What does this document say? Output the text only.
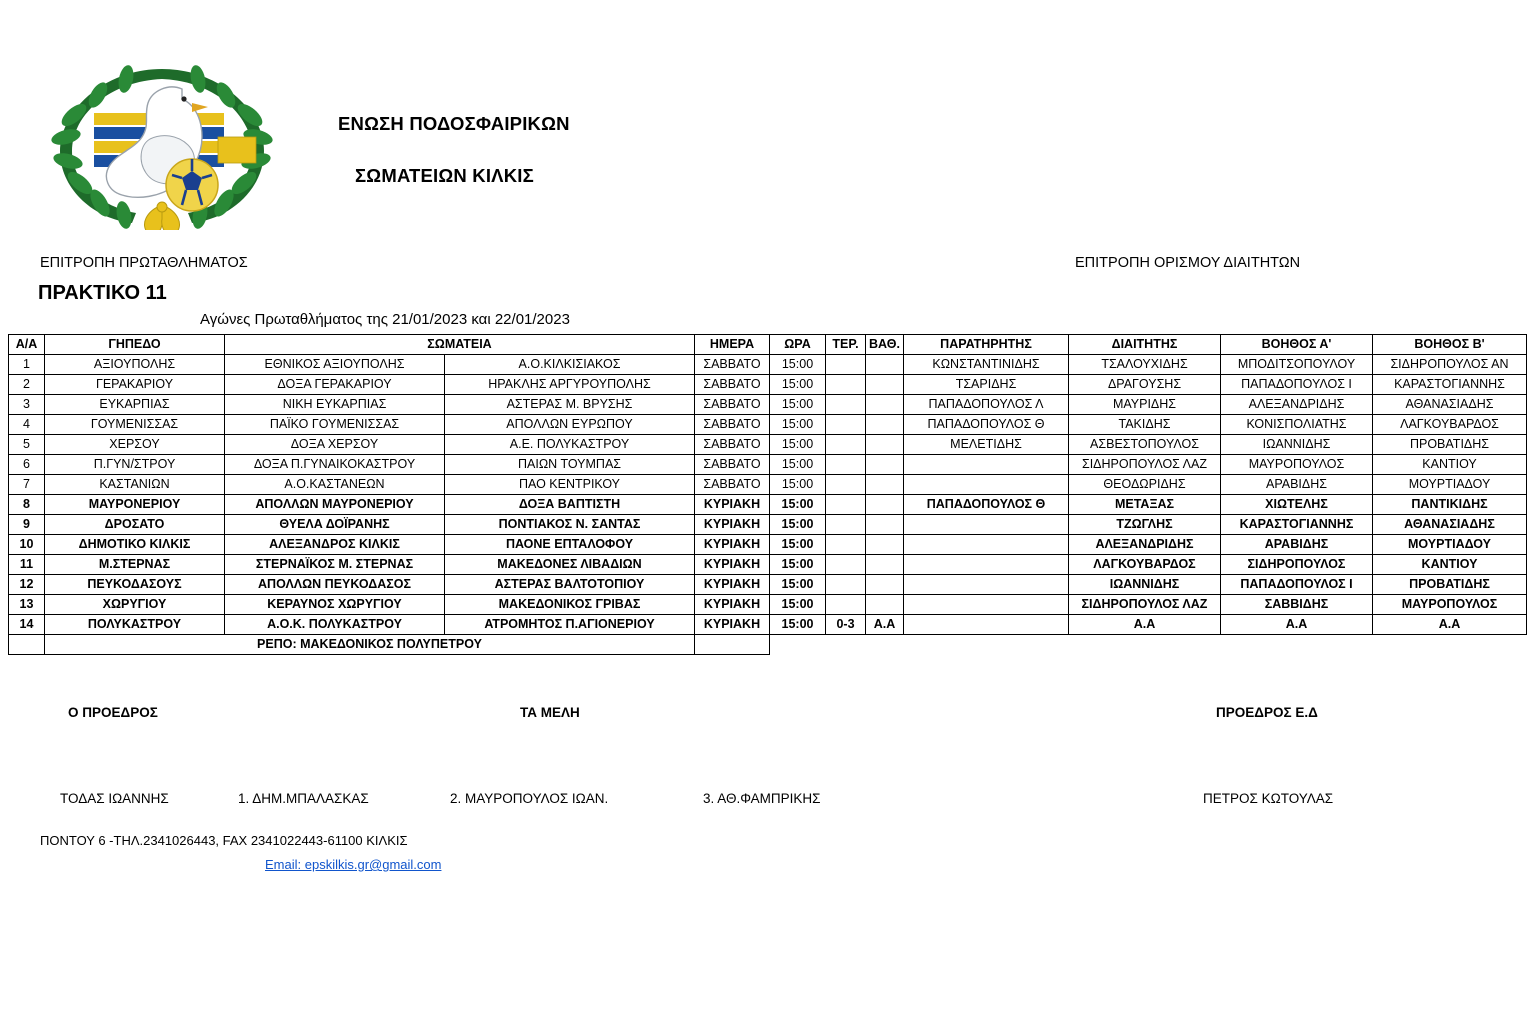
ΕΝΩΣΗ ΠΟΔΟΣΦΑΙΡΙΚΩΝ
ΣΩΜΑΤΕΙΩΝ ΚΙΛΚΙΣ
ΕΠΙΤΡΟΠΗ ΠΡΩΤΑΘΛΗΜΑΤΟΣ	ΕΠΙΤΡΟΠΗ ΟΡΙΣΜΟΥ ΔΙΑΙΤΗΤΩΝ
ΠΡΑΚΤΙΚΟ 11
Αγώνες Πρωταθλήματος της 21/01/2023 και 22/01/2023
Α/Α	ΓΗΠΕΔΟ	ΣΩΜΑΤΕΙΑ		ΗΜΕΡΑ	ΩΡΑ	ΤΕΡ.	ΒΑΘ.	ΠΑΡΑΤΗΡΗΤΗΣ	ΔΙΑΙΤΗΤΗΣ	ΒΟΗΘΟΣ Α'	ΒΟΗΘΟΣ Β'
1	ΑΞΙΟΥΠΟΛΗΣ	ΕΘΝΙΚΟΣ ΑΞΙΟΥΠΟΛΗΣ	Α.Ο.ΚΙΛΚΙΣΙΑΚΟΣ	ΣΑΒΒΑΤΟ	15:00			ΚΩΝΣΤΑΝΤΙΝΙΔΗΣ	ΤΣΑΛΟΥΧΙΔΗΣ	ΜΠΟΔΙΤΣΟΠΟΥΛΟΥ	ΣΙΔΗΡΟΠΟΥΛΟΣ ΑΝ
2	ΓΕΡΑΚΑΡΙΟΥ	ΔΟΞΑ ΓΕΡΑΚΑΡΙΟΥ	ΗΡΑΚΛΗΣ ΑΡΓΥΡΟΥΠΟΛΗΣ	ΣΑΒΒΑΤΟ	15:00			ΤΣΑΡΙΔΗΣ	ΔΡΑΓΟΥΣΗΣ	ΠΑΠΑΔΟΠΟΥΛΟΣ Ι	ΚΑΡΑΣΤΟΓΙΑΝΝΗΣ
3	ΕΥΚΑΡΠΙΑΣ	ΝΙΚΗ ΕΥΚΑΡΠΙΑΣ	ΑΣΤΕΡΑΣ Μ. ΒΡΥΣΗΣ	ΣΑΒΒΑΤΟ	15:00			ΠΑΠΑΔΟΠΟΥΛΟΣ Λ	ΜΑΥΡΙΔΗΣ	ΑΛΕΞΑΝΔΡΙΔΗΣ	ΑΘΑΝΑΣΙΑΔΗΣ
4	ΓΟΥΜΕΝΙΣΣΑΣ	ΠΑΪΚΟ ΓΟΥΜΕΝΙΣΣΑΣ	ΑΠΟΛΛΩΝ ΕΥΡΩΠΟΥ	ΣΑΒΒΑΤΟ	15:00			ΠΑΠΑΔΟΠΟΥΛΟΣ Θ	ΤΑΚΙΔΗΣ	ΚΟΝΙΣΠΟΛΙΑΤΗΣ	ΛΑΓΚΟΥΒΑΡΔΟΣ
5	ΧΕΡΣΟΥ	ΔΟΞΑ ΧΕΡΣΟΥ	Α.Ε. ΠΟΛΥΚΑΣΤΡΟΥ	ΣΑΒΒΑΤΟ	15:00			ΜΕΛΕΤΙΔΗΣ	ΑΣΒΕΣΤΟΠΟΥΛΟΣ	ΙΩΑΝΝΙΔΗΣ	ΠΡΟΒΑΤΙΔΗΣ
6	Π.ΓΥΝ/ΣΤΡΟΥ	ΔΟΞΑ Π.ΓΥΝΑΙΚΟΚΑΣΤΡΟΥ	ΠΑΙΩΝ ΤΟΥΜΠΑΣ	ΣΑΒΒΑΤΟ	15:00				ΣΙΔΗΡΟΠΟΥΛΟΣ ΛΑΖ	ΜΑΥΡΟΠΟΥΛΟΣ	ΚΑΝΤΙΟΥ
7	ΚΑΣΤΑΝΙΩΝ	Α.Ο.ΚΑΣΤΑΝΕΩΝ	ΠΑΟ ΚΕΝΤΡΙΚΟΥ	ΣΑΒΒΑΤΟ	15:00				ΘΕΟΔΩΡΙΔΗΣ	ΑΡΑΒΙΔΗΣ	ΜΟΥΡΤΙΑΔΟΥ
8	ΜΑΥΡΟΝΕΡΙΟΥ	ΑΠΟΛΛΩΝ ΜΑΥΡΟΝΕΡΙΟΥ	ΔΟΞΑ ΒΑΠΤΙΣΤΗ	ΚΥΡΙΑΚΗ	15:00			ΠΑΠΑΔΟΠΟΥΛΟΣ Θ	ΜΕΤΑΞΑΣ	ΧΙΩΤΕΛΗΣ	ΠΑΝΤΙΚΙΔΗΣ
9	ΔΡΟΣΑΤΟ	ΘΥΕΛΑ ΔΟΪΡΑΝΗΣ	ΠΟΝΤΙΑΚΟΣ Ν. ΣΑΝΤΑΣ	ΚΥΡΙΑΚΗ	15:00				ΤΖΩΓΛΗΣ	ΚΑΡΑΣΤΟΓΙΑΝΝΗΣ	ΑΘΑΝΑΣΙΑΔΗΣ
10	ΔΗΜΟΤΙΚΟ ΚΙΛΚΙΣ	ΑΛΕΞΑΝΔΡΟΣ ΚΙΛΚΙΣ	ΠΑΟΝΕ ΕΠΤΑΛΟΦΟΥ	ΚΥΡΙΑΚΗ	15:00				ΑΛΕΞΑΝΔΡΙΔΗΣ	ΑΡΑΒΙΔΗΣ	ΜΟΥΡΤΙΑΔΟΥ
11	Μ.ΣΤΕΡΝΑΣ	ΣΤΕΡΝΑΪΚΟΣ Μ. ΣΤΕΡΝΑΣ	ΜΑΚΕΔΟΝΕΣ ΛΙΒΑΔΙΩΝ	ΚΥΡΙΑΚΗ	15:00				ΛΑΓΚΟΥΒΑΡΔΟΣ	ΣΙΔΗΡΟΠΟΥΛΟΣ	ΚΑΝΤΙΟΥ
12	ΠΕΥΚΟΔΑΣΟΥΣ	ΑΠΟΛΛΩΝ ΠΕΥΚΟΔΑΣΟΣ	ΑΣΤΕΡΑΣ ΒΑΛΤΟΤΟΠΙΟΥ	ΚΥΡΙΑΚΗ	15:00				ΙΩΑΝΝΙΔΗΣ	ΠΑΠΑΔΟΠΟΥΛΟΣ Ι	ΠΡΟΒΑΤΙΔΗΣ
13	ΧΩΡΥΓΙΟΥ	ΚΕΡΑΥΝΟΣ ΧΩΡΥΓΙΟΥ	ΜΑΚΕΔΟΝΙΚΟΣ ΓΡΙΒΑΣ	ΚΥΡΙΑΚΗ	15:00				ΣΙΔΗΡΟΠΟΥΛΟΣ ΛΑΖ	ΣΑΒΒΙΔΗΣ	ΜΑΥΡΟΠΟΥΛΟΣ
14	ΠΟΛΥΚΑΣΤΡΟΥ	Α.Ο.Κ. ΠΟΛΥΚΑΣΤΡΟΥ	ΑΤΡΟΜΗΤΟΣ Π.ΑΓΙΟΝΕΡΙΟΥ	ΚΥΡΙΑΚΗ	15:00	0-3	Α.Α		Α.Α	Α.Α	Α.Α
	ΡΕΠΟ: ΜΑΚΕΔΟΝΙΚΟΣ ΠΟΛΥΠΕΤΡΟΥ										
Ο ΠΡΟΕΔΡΟΣ	ΤΑ ΜΕΛΗ	ΠΡΟΕΔΡΟΣ Ε.Δ
ΤΟΔΑΣ ΙΩΑΝΝΗΣ	1. ΔΗΜ.ΜΠΑΛΑΣΚΑΣ	2. ΜΑΥΡΟΠΟΥΛΟΣ ΙΩΑΝ.	3. ΑΘ.ΦΑΜΠΡΙΚΗΣ	ΠΕΤΡΟΣ ΚΩΤΟΥΛΑΣ
ΠΟΝΤΟΥ 6 -ΤΗΛ.2341026443, FAX 2341022443-61100 ΚΙΛΚΙΣ
Email: epskilkis.gr@gmail.com
